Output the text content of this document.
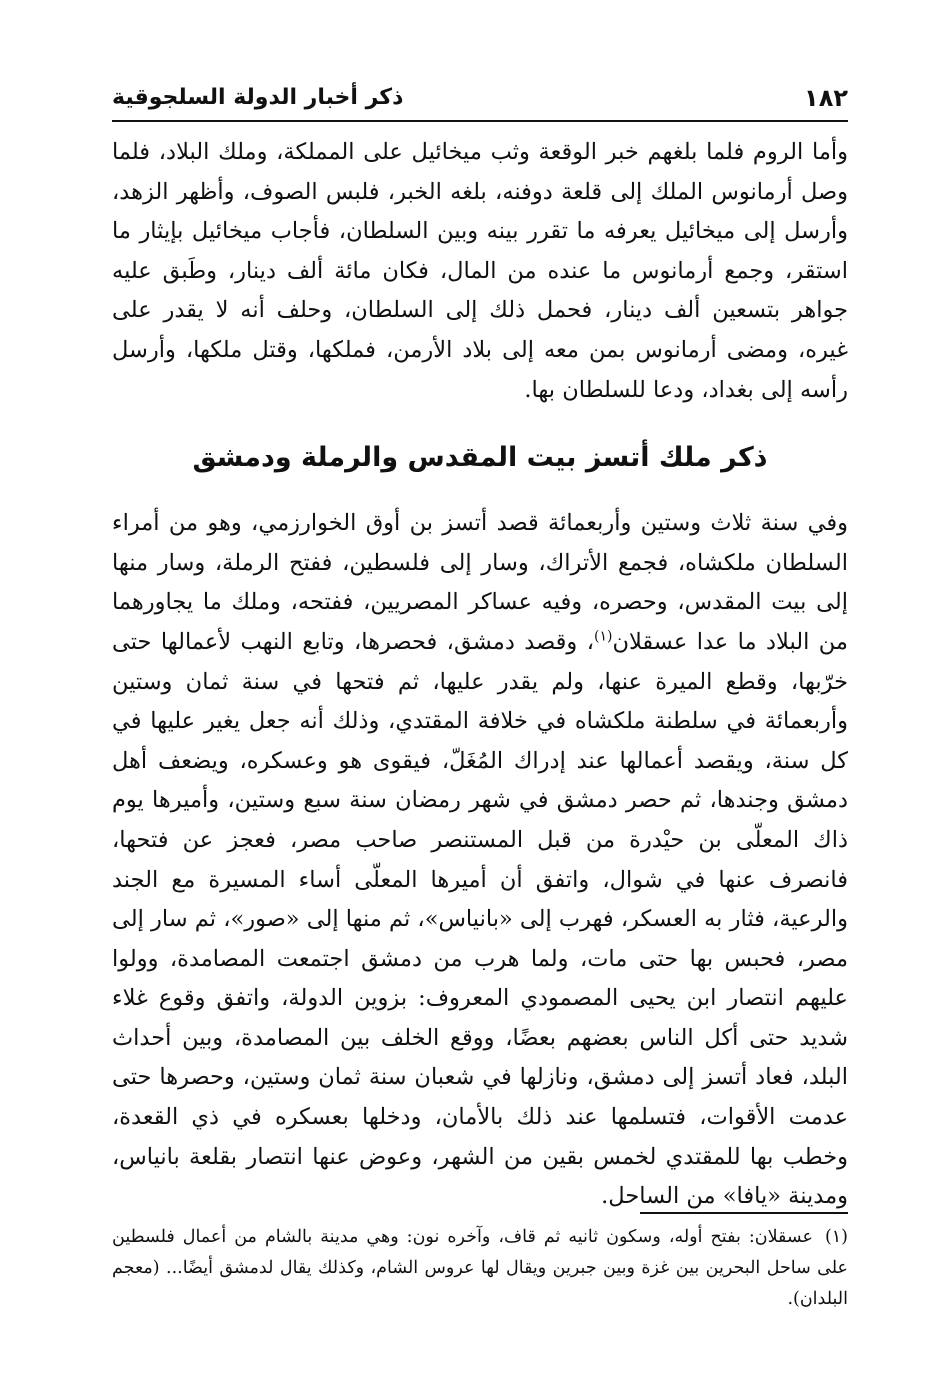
١٨٢
ذكر أخبار الدولة السلجوقية

وأما الروم فلما بلغهم خبر الوقعة وثب ميخائيل على المملكة، وملك البلاد، فلما وصل أرمانوس الملك إلى قلعة دوفنه، بلغه الخبر، فلبس الصوف، وأظهر الزهد، وأرسل إلى ميخائيل يعرفه ما تقرر بينه وبين السلطان، فأجاب ميخائيل بإيثار ما استقر، وجمع أرمانوس ما عنده من المال، فكان مائة ألف دينار، وطَبق عليه جواهر بتسعين ألف دينار، فحمل ذلك إلى السلطان، وحلف أنه لا يقدر على غيره، ومضى أرمانوس بمن معه إلى بلاد الأرمن، فملكها، وقتل ملكها، وأرسل رأسه إلى بغداد، ودعا للسلطان بها.

ذكر ملك أتسز بيت المقدس والرملة ودمشق

وفي سنة ثلاث وستين وأربعمائة قصد أتسز بن أوق الخوارزمي، وهو من أمراء السلطان ملكشاه، فجمع الأتراك، وسار إلى فلسطين، ففتح الرملة، وسار منها إلى بيت المقدس، وحصره، وفيه عساكر المصريين، ففتحه، وملك ما يجاورهما من البلاد ما عدا عسقلان$^{(١)}$، وقصد دمشق، فحصرها، وتابع النهب لأعمالها حتى خرّبها، وقطع الميرة عنها، ولم يقدر عليها، ثم فتحها في سنة ثمان وستين وأربعمائة في سلطنة ملكشاه في خلافة المقتدي، وذلك أنه جعل يغير عليها في كل سنة، ويقصد أعمالها عند إدراك المُغَلّ، فيقوى هو وعسكره، ويضعف أهل دمشق وجندها، ثم حصر دمشق في شهر رمضان سنة سبع وستين، وأميرها يوم ذاك المعلّى بن حيْدرة من قبل المستنصر صاحب مصر، فعجز عن فتحها، فانصرف عنها في شوال، واتفق أن أميرها المعلّى أساء المسيرة مع الجند والرعية، فثار به العسكر، فهرب إلى «بانياس»، ثم منها إلى «صور»، ثم سار إلى مصر، فحبس بها حتى مات، ولما هرب من دمشق اجتمعت المصامدة، وولوا عليهم انتصار ابن يحيى المصمودي المعروف: بزوين الدولة، واتفق وقوع غلاء شديد حتى أكل الناس بعضهم بعضًا، ووقع الخلف بين المصامدة، وبين أحداث البلد، فعاد أتسز إلى دمشق، ونازلها في شعبان سنة ثمان وستين، وحصرها حتى عدمت الأقوات، فتسلمها عند ذلك بالأمان، ودخلها بعسكره في ذي القعدة، وخطب بها للمقتدي لخمس بقين من الشهر، وعوض عنها انتصار بقلعة بانياس، ومدينة «يافا» من الساحل.

(١)عسقلان: بفتح أوله، وسكون ثانيه ثم قاف، وآخره نون: وهي مدينة بالشام من أعمال فلسطين على ساحل البحرين بين غزة وبين جبرين ويقال لها عروس الشام، وكذلك يقال لدمشق أيضًا... (معجم البلدان).
